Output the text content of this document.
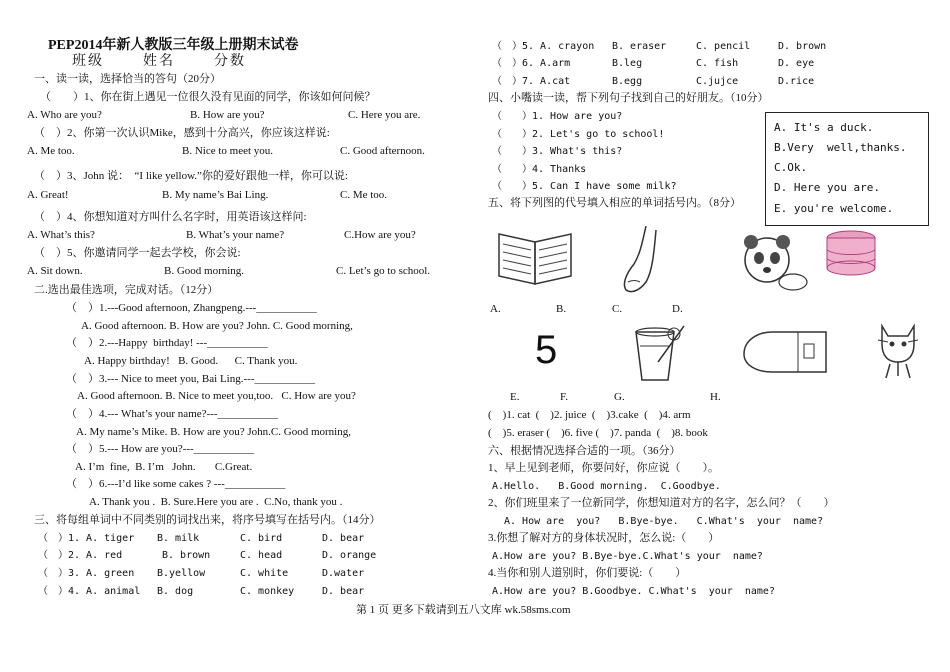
PEP2014年新人教版三年级上册期末试卷
班级	姓名	分数
一、读一读，选择恰当的答句（20分）
（　　）1、你在街上遇见一位很久没有见面的同学，你该如何问候？
A. Who are you?	B. How are you?	C. Here you are.
（　）2、你第一次认识Mike，感到十分高兴，你应该这样说:
A. Me too.	B. Nice to meet you.	C. Good afternoon.
（　）3、John 说：　“I like yellow.”你的爱好跟他一样，你可以说:
A. Great!	B. My name’s Bai Ling.	C. Me too.
（　）4、你想知道对方叫什么名字时，用英语该这样问:
A. What’s this?	B. What’s your name?	C.How are you?
（　）5、你邀请同学一起去学校，你会说:
A. Sit down.	B. Good morning.	C. Let’s go to school.
二.选出最佳选项，完成对话。（12分）
（　）1.---Good afternoon, Zhangpeng.---___________
A. Good afternoon. B. How are you? John. C. Good morning,
（　）2.---Happy  birthday! ---___________
A. Happy birthday!   B. Good.      C. Thank you.
（　）3.--- Nice to meet you, Bai Ling.---___________
A. Good afternoon. B. Nice to meet you,too.   C. How are you?
（　）4.--- What’s your name?---___________
A. My name’s Mike. B. How are you? John.C. Good morning,
（　）5.--- How are you?---___________
A. I’m  fine,  B. I’m   John.       C.Great.
（　）6.---I’d like some cakes ? ---___________
A. Thank you .  B. Sure.Here you are .  C.No, thank you .
三、将每组单词中不同类别的词找出来，将序号填写在括号内。（14分）
（　）1. A. tiger B. milk	C. bird	D. bear
（　）2. A. red	B. brown	C. head	D. orange
（　）3. A. green B.yellow	C. white	D.water
（　）4. A. animal B. dog	C. monkey	D. bear
（　）5. A. crayon B. eraser	C. pencil	D. brown
（　）6. A.arm	B.leg	C. fish	D. eye
（　）7. A.cat	B.egg	C.jujce	D.rice
四、小嘴读一读，帮下列句子找到自己的好朋友。（10分）
（　　）1. How are you?
（　　）2. Let's go to school!
（　　）3. What's this?
（　　）4. Thanks
（　　）5. Can I have some milk?
A. It's a duck.
B.Very  well,thanks.
C.Ok.
D. Here you are.
E. you're welcome.
五、将下列图的代号填入相应的单词括号内。（8分）
A.	B.	C.	D.
5
E.	F.	G.	H.
(　)1. cat  (　)2. juice  (　)3.cake  (　)4. arm
(　)5. eraser (　)6. five (　)7. panda  (　)8. book
六、根据情况选择合适的一项。（36分）
1、早上见到老师，你要问好，你应说（　　）。
A.Hello.   B.Good morning.  C.Goodbye.
2、你们班里来了一位新同学，你想知道对方的名字，怎么问？（　　）
A. How are  you?   B.Bye-bye.   C.What's  your  name?
3.你想了解对方的身体状况时，怎么说:（　　）
A.How are you? B.Bye-bye.C.What's your  name?
4.当你和别人道别时，你们要说:（　　）
A.How are you? B.Goodbye. C.What's  your  name?
第 1 页 更多下载请到五八文库 wk.58sms.com
